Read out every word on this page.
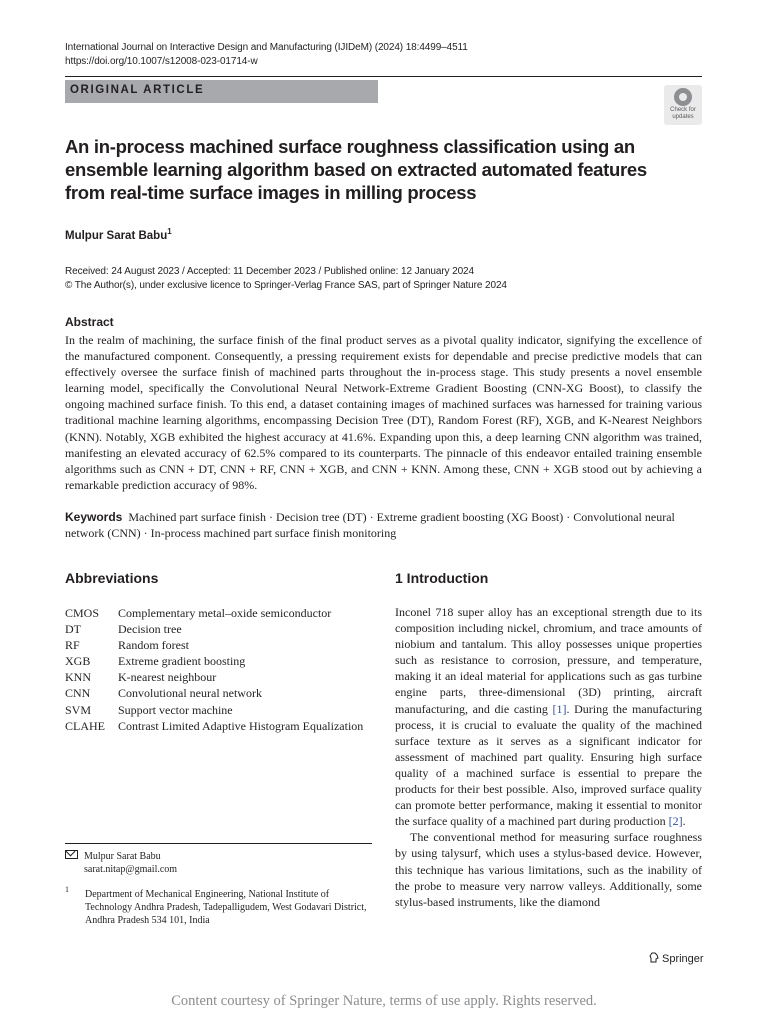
International Journal on Interactive Design and Manufacturing (IJIDeM) (2024) 18:4499–4511
https://doi.org/10.1007/s12008-023-01714-w
ORIGINAL ARTICLE
Check for updates
An in-process machined surface roughness classification using an ensemble learning algorithm based on extracted automated features from real-time surface images in milling process
Mulpur Sarat Babu$^1$
Received: 24 August 2023 / Accepted: 11 December 2023 / Published online: 12 January 2024
© The Author(s), under exclusive licence to Springer-Verlag France SAS, part of Springer Nature 2024
Abstract
In the realm of machining, the surface finish of the final product serves as a pivotal quality indicator, signifying the excellence of the manufactured component. Consequently, a pressing requirement exists for dependable and precise predictive models that can effectively oversee the surface finish of machined parts throughout the in-process stage. This study presents a novel ensemble learning model, specifically the Convolutional Neural Network-Extreme Gradient Boosting (CNN-XG Boost), to classify the ongoing machined surface finish. To this end, a dataset containing images of machined surfaces was harnessed for training various traditional machine learning algorithms, encompassing Decision Tree (DT), Random Forest (RF), XGB, and K-Nearest Neighbors (KNN). Notably, XGB exhibited the highest accuracy at 41.6%. Expanding upon this, a deep learning CNN algorithm was trained, manifesting an elevated accuracy of 62.5% compared to its counterparts. The pinnacle of this endeavor entailed training ensemble algorithms such as CNN + DT, CNN + RF, CNN + XGB, and CNN + KNN. Among these, CNN + XGB stood out by achieving a remarkable prediction accuracy of 98%.
Keywords Machined part surface finish · Decision tree (DT) · Extreme gradient boosting (XG Boost) · Convolutional neural network (CNN) · In-process machined part surface finish monitoring
Abbreviations
CMOS	Complementary metal–oxide semiconductor
DT	Decision tree
RF	Random forest
XGB	Extreme gradient boosting
KNN	K-nearest neighbour
CNN	Convolutional neural network
SVM	Support vector machine
CLAHE	Contrast Limited Adaptive Histogram Equalization
Mulpur Sarat Babu
sarat.nitap@gmail.com
1 Department of Mechanical Engineering, National Institute of Technology Andhra Pradesh, Tadepalligudem, West Godavari District, Andhra Pradesh 534 101, India
1 Introduction

Inconel 718 super alloy has an exceptional strength due to its composition including nickel, chromium, and trace amounts of niobium and tantalum. This alloy possesses unique properties such as resistance to corrosion, pressure, and temperature, making it an ideal material for applications such as gas turbine engine parts, three-dimensional (3D) printing, aircraft manufacturing, and die casting [1]. During the manufacturing process, it is crucial to evaluate the quality of the machined surface texture as it serves as a significant indicator for assessment of machined part quality. Ensuring high surface quality of a machined surface is essential to prepare the products for their best possible. Also, improved surface quality can promote better performance, making it essential to monitor the surface quality of a machined part during production [2].

The conventional method for measuring surface roughness by using talysurf, which uses a stylus-based device. However, this technique has various limitations, such as the inability of the probe to measure very narrow valleys. Additionally, some stylus-based instruments, like the diamond

Springer
Content courtesy of Springer Nature, terms of use apply. Rights reserved.
